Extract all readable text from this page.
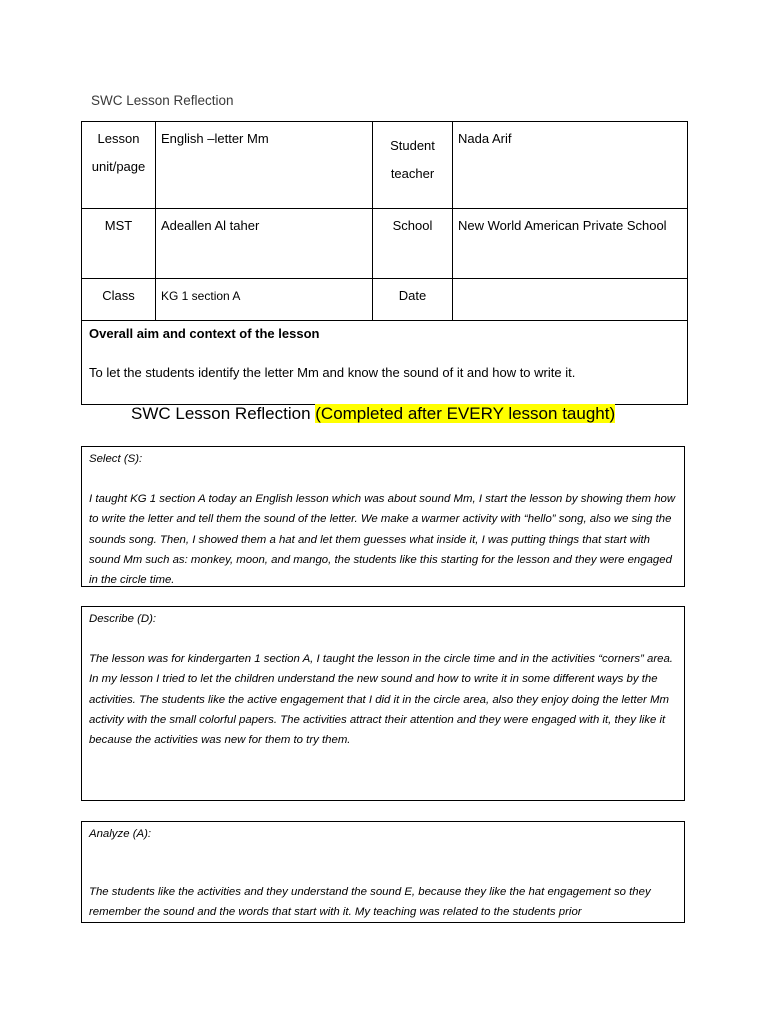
SWC Lesson Reflection
Lesson unit/page	English –letter Mm	Student teacher	Nada Arif
MST	Adeallen Al taher	School	New World American Private School
Class	KG 1 section A	Date	

Overall aim and context of the lesson
To let the students identify the letter Mm and know the sound of it and how to write it.			
SWC Lesson Reflection (Completed after EVERY lesson taught)
Select (S):
I taught KG 1 section A today an English lesson which was about sound Mm, I start the lesson by showing them how to write the letter and tell them the sound of the letter. We make a warmer activity with “hello” song, also we sing the sounds song. Then, I showed them a hat and let them guesses what inside it, I was putting things that start with sound Mm such as: monkey, moon, and mango, the students like this starting for the lesson and they were engaged in the circle time.
Describe (D):
The lesson was for kindergarten 1 section A, I taught the lesson in the circle time and in the activities “corners” area. In my lesson I tried to let the children understand the new sound and how to write it in some different ways by the activities. The students like the active engagement that I did it in the circle area, also they enjoy doing the letter Mm activity with the small colorful papers. The activities attract their attention and they were engaged with it, they like it because the activities was new for them to try them.
Analyze (A):
The students like the activities and they understand the sound E, because they like the hat engagement so they remember the sound and the words that start with it. My teaching was related to the students prior
